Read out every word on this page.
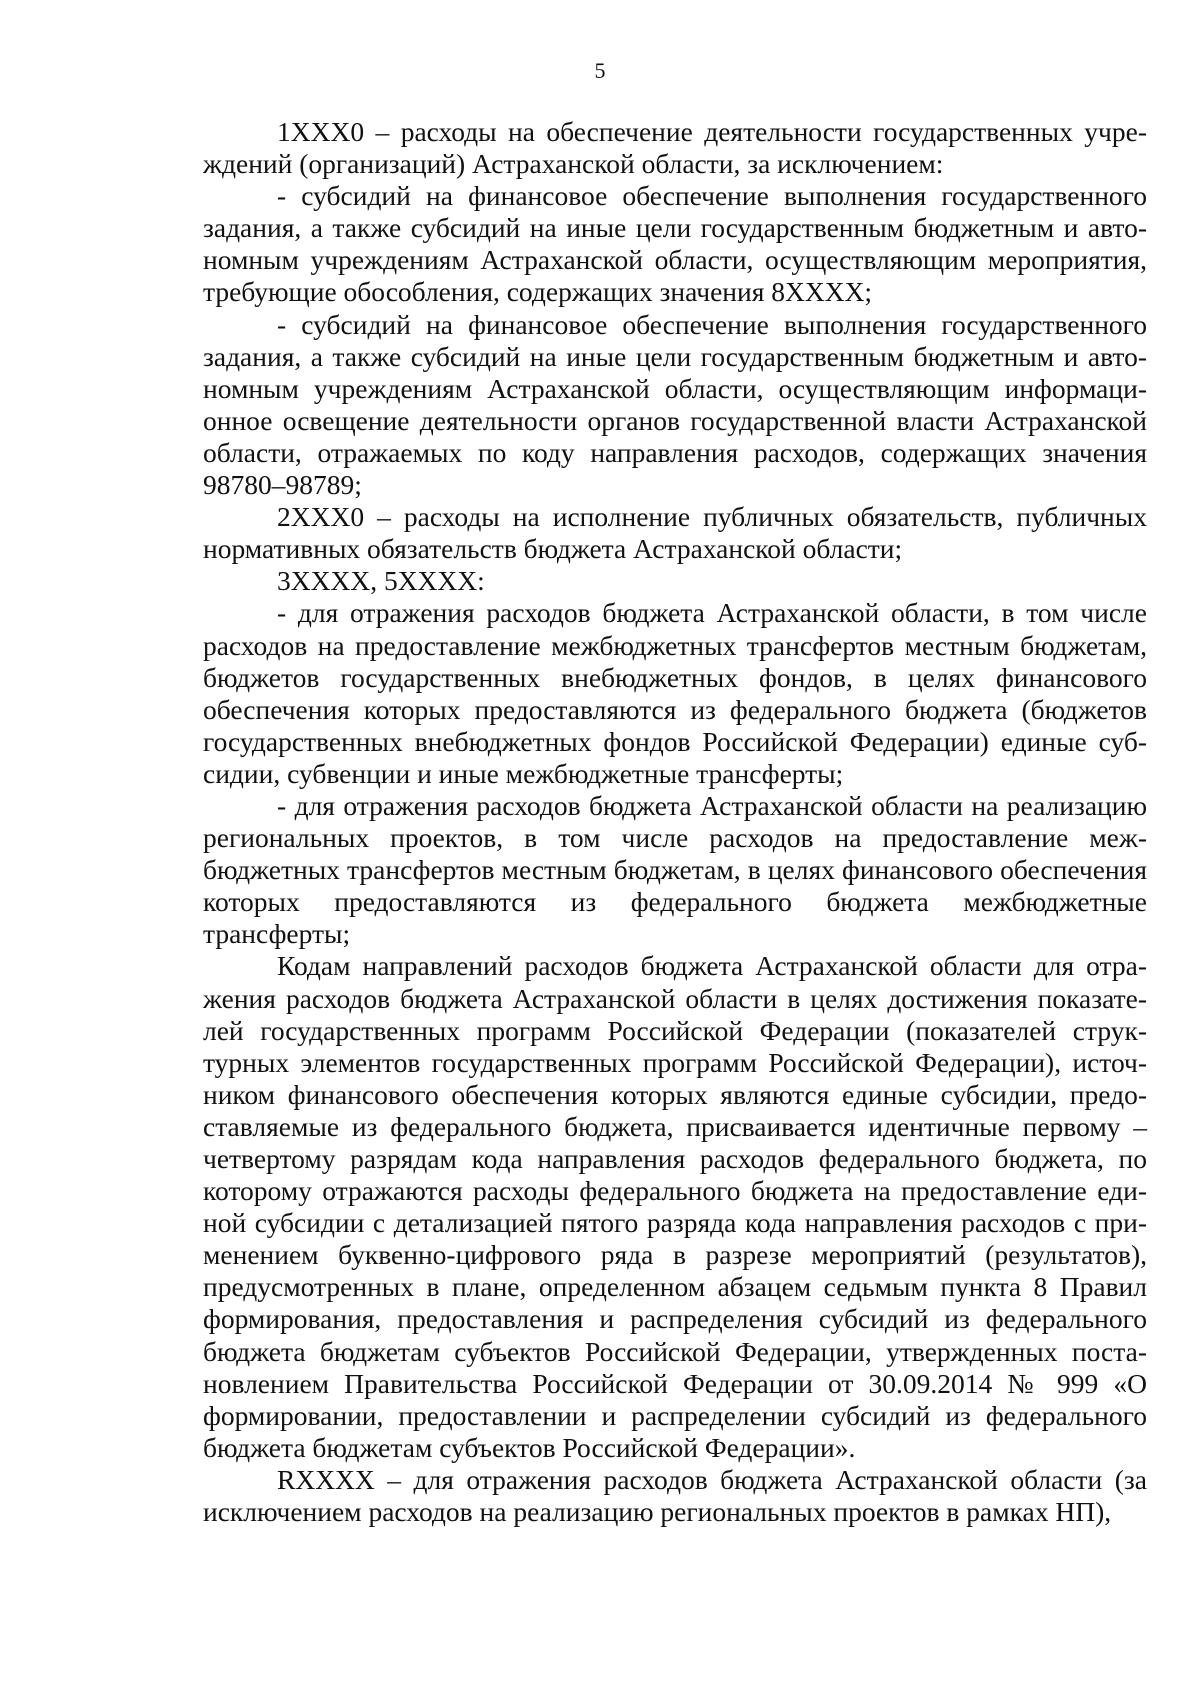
5

1XXX0 – расходы на обеспечение деятельности государственных учреждений (организаций) Астраханской области, за исключением:

- субсидий на финансовое обеспечение выполнения государственного задания, а также субсидий на иные цели государственным бюджетным и автономным учреждениям Астраханской области, осуществляющим мероприятия, требующие обособления, содержащих значения 8XXXX;

- субсидий на финансовое обеспечение выполнения государственного задания, а также субсидий на иные цели государственным бюджетным и автономным учреждениям Астраханской области, осуществляющим информационное освещение деятельности органов государственной власти Астраханской области, отражаемых по коду направления расходов, содержащих значения 98780–98789;

2XXX0 – расходы на исполнение публичных обязательств, публичных нормативных обязательств бюджета Астраханской области;

3XXXX, 5XXXX:

- для отражения расходов бюджета Астраханской области, в том числе расходов на предоставление межбюджетных трансфертов местным бюджетам, бюджетов государственных внебюджетных фондов, в целях финансового обеспечения которых предоставляются из федерального бюджета (бюджетов государственных внебюджетных фондов Российской Федерации) единые субсидии, субвенции и иные межбюджетные трансферты;

- для отражения расходов бюджета Астраханской области на реализацию региональных проектов, в том числе расходов на предоставление межбюджетных трансфертов местным бюджетам, в целях финансового обеспечения которых предоставляются из федерального бюджета межбюджетные трансферты;

Кодам направлений расходов бюджета Астраханской области для отражения расходов бюджета Астраханской области в целях достижения показателей государственных программ Российской Федерации (показателей структурных элементов государственных программ Российской Федерации), источником финансового обеспечения которых являются единые субсидии, предоставляемые из федерального бюджета, присваивается идентичные первому – четвертому разрядам кода направления расходов федерального бюджета, по которому отражаются расходы федерального бюджета на предоставление единой субсидии с детализацией пятого разряда кода направления расходов с применением буквенно-цифрового ряда в разрезе мероприятий (результатов), предусмотренных в плане, определенном абзацем седьмым пункта 8 Правил формирования, предоставления и распределения субсидий из федерального бюджета бюджетам субъектов Российской Федерации, утвержденных постановлением Правительства Российской Федерации от 30.09.2014 № 999 «О формировании, предоставлении и распределении субсидий из федерального бюджета бюджетам субъектов Российской Федерации».

RXXXX – для отражения расходов бюджета Астраханской области (за исключением расходов на реализацию региональных проектов в рамках НП),
